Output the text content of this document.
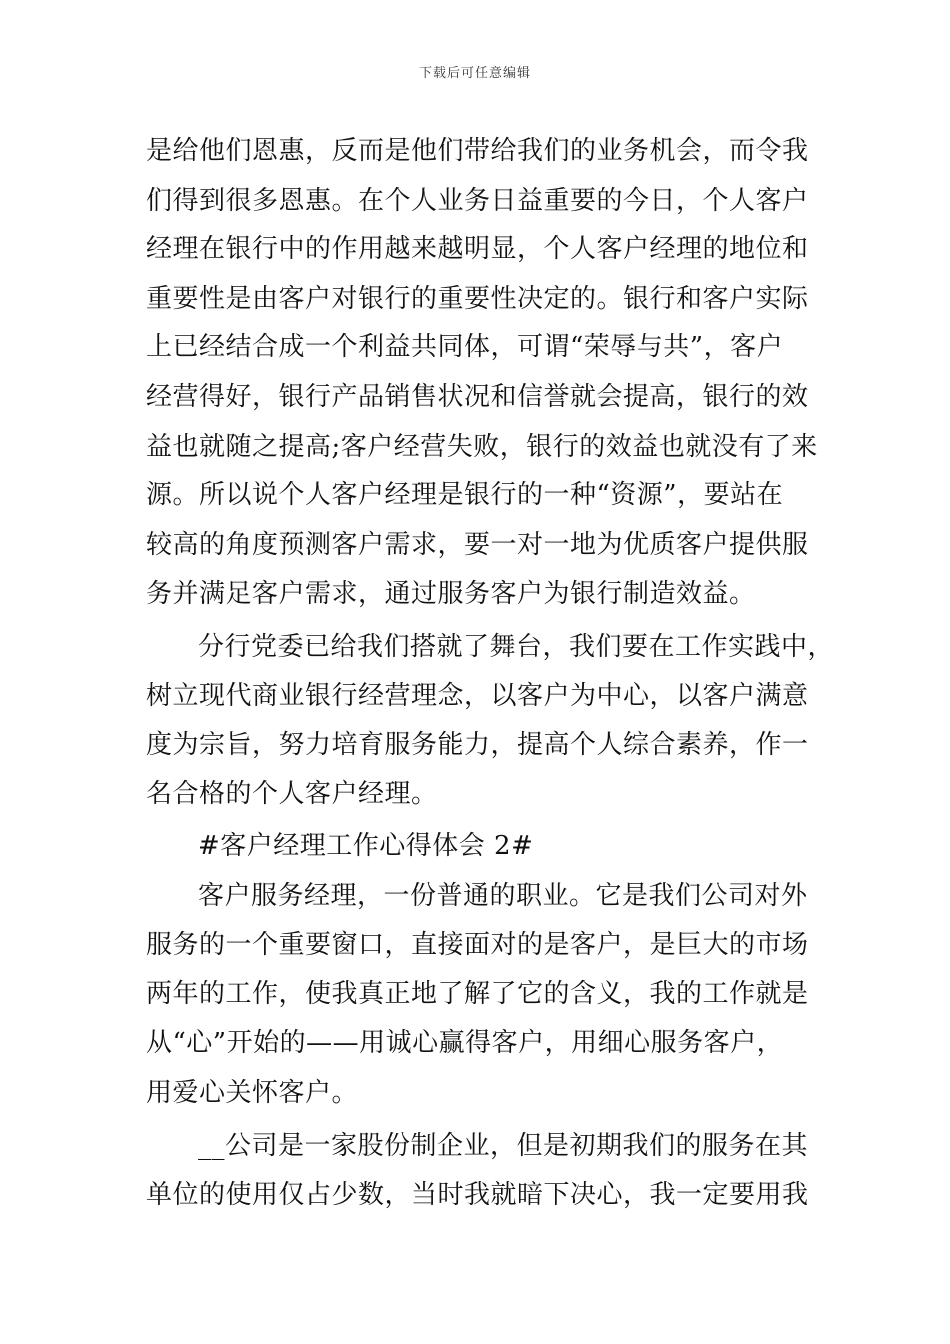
下载后可任意编辑
是给他们恩惠，反而是他们带给我们的业务机会，而令我
们得到很多恩惠。在个人业务日益重要的今日，个人客户
经理在银行中的作用越来越明显，个人客户经理的地位和
重要性是由客户对银行的重要性决定的。银行和客户实际
上已经结合成一个利益共同体，可谓“荣辱与共”，客户
经营得好，银行产品销售状况和信誉就会提高，银行的效
益也就随之提高;客户经营失败，银行的效益也就没有了来
源。所以说个人客户经理是银行的一种“资源”，要站在
较高的角度预测客户需求，要一对一地为优质客户提供服
务并满足客户需求，通过服务客户为银行制造效益。
分行党委已给我们搭就了舞台，我们要在工作实践中，
树立现代商业银行经营理念，以客户为中心，以客户满意
度为宗旨，努力培育服务能力，提高个人综合素养，作一
名合格的个人客户经理。
#客户经理工作心得体会 2#
客户服务经理，一份普通的职业。它是我们公司对外
服务的一个重要窗口，直接面对的是客户，是巨大的市场
两年的工作，使我真正地了解了它的含义，我的工作就是
从“心”开始的——用诚心赢得客户，用细心服务客户，
用爱心关怀客户。
__公司是一家股份制企业，但是初期我们的服务在其
单位的使用仅占少数，当时我就暗下决心，我一定要用我
